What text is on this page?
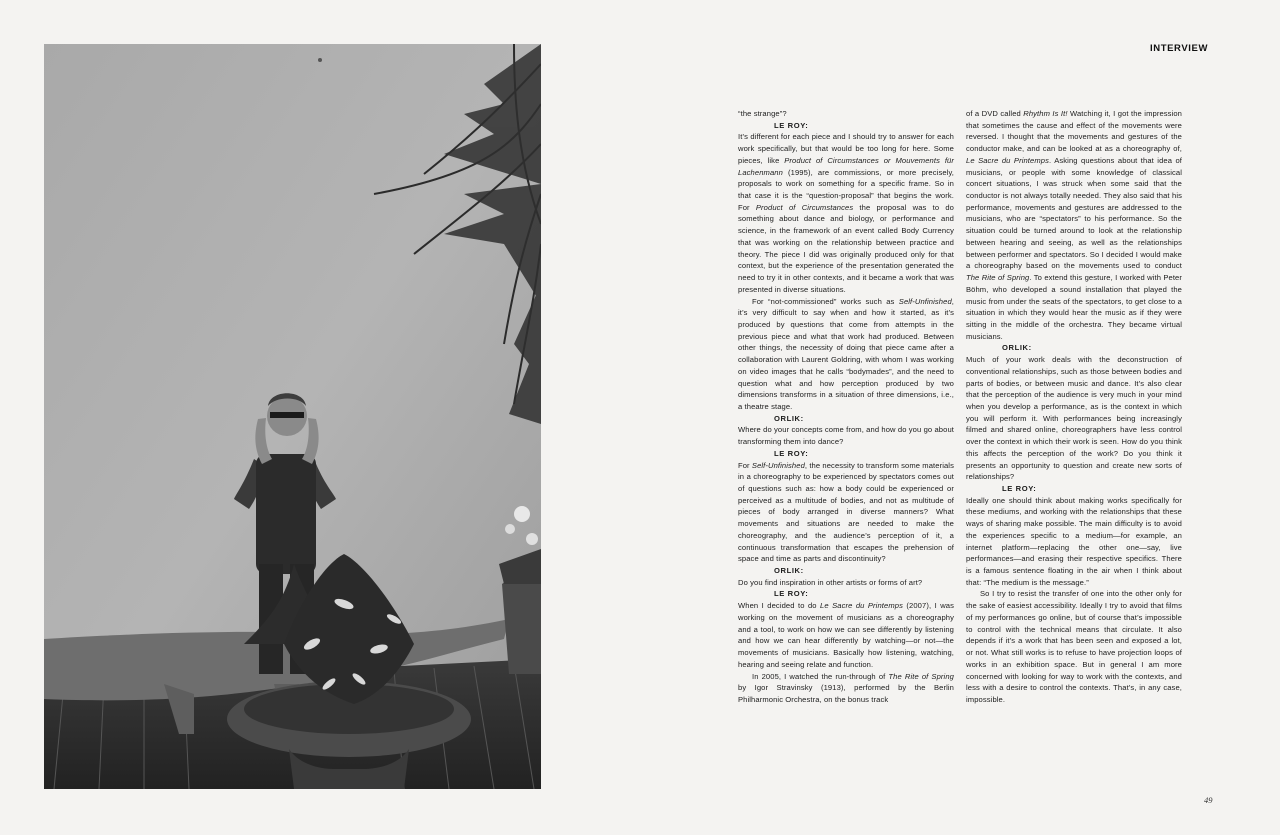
INTERVIEW

“the strange”?

LE ROY:

It’s different for each piece and I should try to answer for each work specifically, but that would be too long for here. Some pieces, like Product of Circumstances or Mouvements für Lachenmann (1995), are commissions, or more precisely, proposals to work on something for a specific frame. So in that case it is the “question-proposal” that begins the work. For Product of Circumstances the proposal was to do something about dance and biology, or performance and science, in the framework of an event called Body Currency that was working on the relationship between practice and theory. The piece I did was originally produced only for that context, but the experience of the presentation generated the need to try it in other contexts, and it became a work that was presented in diverse situations.

For “not-commissioned” works such as Self-Unfinished, it’s very difficult to say when and how it started, as it’s produced by questions that come from attempts in the previous piece and what that work had produced. Between other things, the necessity of doing that piece came after a collaboration with Laurent Goldring, with whom I was working on video images that he calls “bodymades”, and the need to question what and how perception produced by two dimensions transforms in a situation of three dimensions, i.e., a theatre stage.

ORLIK:

Where do your concepts come from, and how do you go about transforming them into dance?

LE ROY:

For Self-Unfinished, the necessity to transform some materials in a choreography to be experienced by spectators comes out of questions such as: how a body could be experienced or perceived as a multitude of bodies, and not as multitude of pieces of body arranged in diverse manners? What movements and situations are needed to make the choreography, and the audience’s perception of it, a continuous transformation that escapes the prehension of space and time as parts and discontinuity?

ORLIK:

Do you find inspiration in other artists or forms of art?

LE ROY:

When I decided to do Le Sacre du Printemps (2007), I was working on the movement of musicians as a choreography and a tool, to work on how we can see differently by listening and how we can hear differently by watching—or not—the movements of musicians. Basically how listening, watching, hearing and seeing relate and function.

In 2005, I watched the run-through of The Rite of Spring by Igor Stravinsky (1913), performed by the Berlin Philharmonic Orchestra, on the bonus track

of a DVD called Rhythm Is It! Watching it, I got the impression that sometimes the cause and effect of the movements were reversed. I thought that the movements and gestures of the conductor make, and can be looked at as a choreography of, Le Sacre du Printemps. Asking questions about that idea of musicians, or people with some knowledge of classical concert situations, I was struck when some said that the conductor is not always totally needed. They also said that his performance, movements and gestures are addressed to the musicians, who are “spectators” to his performance. So the situation could be turned around to look at the relationship between hearing and seeing, as well as the relationships between performer and spectators. So I decided I would make a choreography based on the movements used to conduct The Rite of Spring. To extend this gesture, I worked with Peter Böhm, who developed a sound installation that played the music from under the seats of the spectators, to get close to a situation in which they would hear the music as if they were sitting in the middle of the orchestra. They became virtual musicians.

ORLIK:

Much of your work deals with the deconstruction of conventional relationships, such as those between bodies and parts of bodies, or between music and dance. It’s also clear that the perception of the audience is very much in your mind when you develop a performance, as is the context in which you will perform it. With performances being increasingly filmed and shared online, choreographers have less control over the context in which their work is seen. How do you think this affects the perception of the work? Do you think it presents an opportunity to question and create new sorts of relationships?

LE ROY:

Ideally one should think about making works specifically for these mediums, and working with the relationships that these ways of sharing make possible. The main difficulty is to avoid the experiences specific to a medium—for example, an internet platform—replacing the other one—say, live performances—and erasing their respective specifics. There is a famous sentence floating in the air when I think about that: “The medium is the message.”

So I try to resist the transfer of one into the other only for the sake of easiest accessibility. Ideally I try to avoid that films of my performances go online, but of course that’s impossible to control with the technical means that circulate. It also depends if it’s a work that has been seen and exposed a lot, or not. What still works is to refuse to have projection loops of works in an exhibition space. But in general I am more concerned with looking for way to work with the contexts, and less with a desire to control the contexts. That’s, in any case, impossible.

49
